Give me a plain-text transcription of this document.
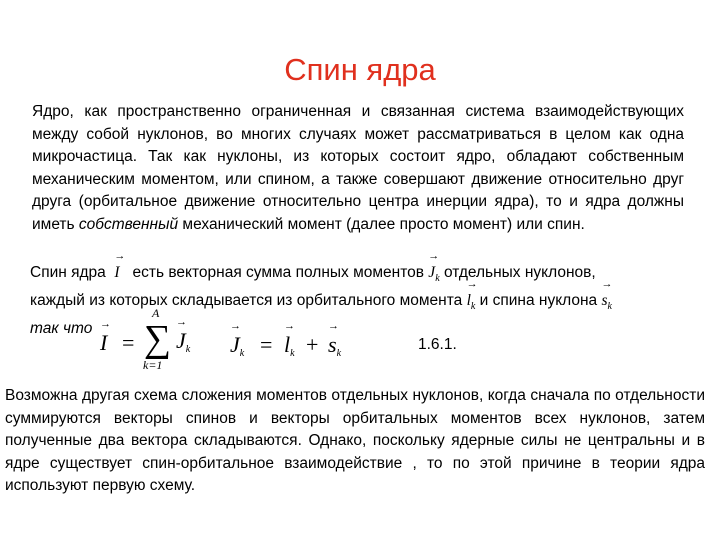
Спин ядра
Ядро, как пространственно ограниченная и связанная система взаимодействующих между собой нуклонов, во многих случаях может рассматриваться в целом как одна микрочастица. Так как нуклоны, из которых состоит ядро, обладают собственным механическим моментом, или спином, а также совершают движение относительно друг друга (орбитальное движение относительно центра инерции ядра), то и ядра должны иметь собственный механический момент (далее просто момент) или спин.
Спин ядра  → I есть векторная сумма полных моментов → $J_k$ отдельных нуклонов,
каждый из которых складывается из орбитального момента → $l_k$ и спина нуклона → $s_k$
так что
→ I =
A
∑
k=1
→ $J_k$
→ $J_k$ =
→ $l_k$ +
→ $s_k$
1.6.1.
Возможна другая схема сложения моментов отдельных нуклонов, когда сначала по отдельности суммируются векторы спинов и векторы орбитальных моментов всех нуклонов, затем полученные два вектора складываются. Однако, поскольку ядерные силы не центральны и в ядре существует спин-орбитальное взаимодействие , то по этой причине в теории ядра используют первую схему.
